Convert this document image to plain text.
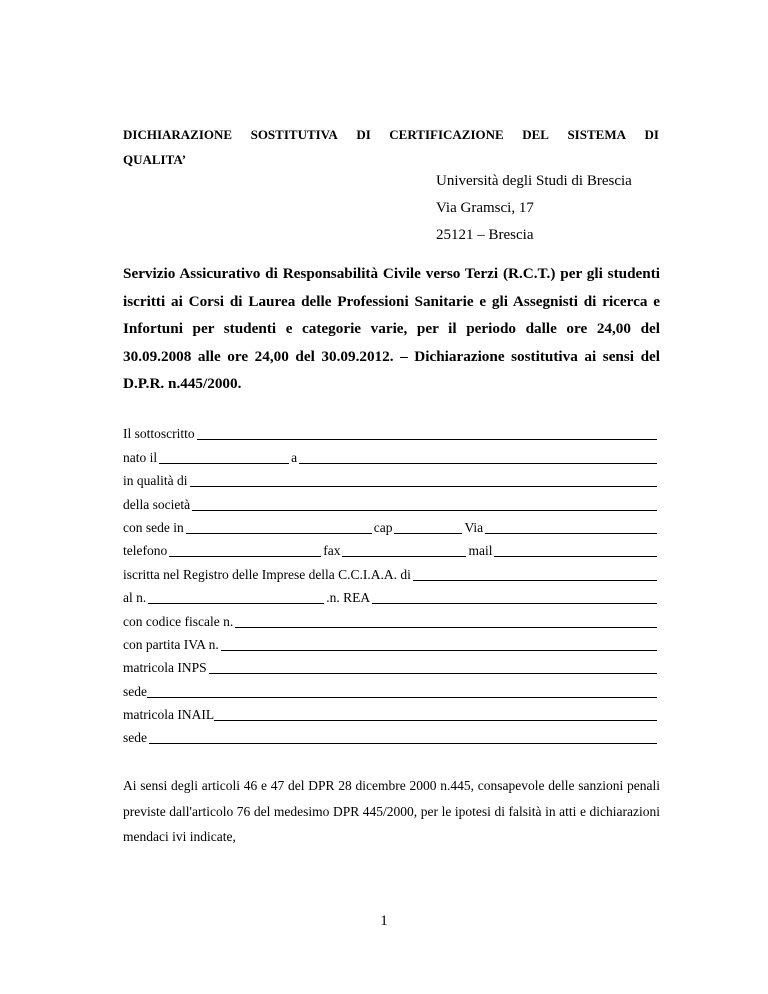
DICHIARAZIONE SOSTITUTIVA DI CERTIFICAZIONE DEL SISTEMA DI
QUALITA’
Università degli Studi di Brescia
Via Gramsci, 17
25121 – Brescia

Servizio Assicurativo di Responsabilità Civile verso Terzi (R.C.T.) per gli studenti iscritti ai Corsi di Laurea delle Professioni Sanitarie e gli Assegnisti di ricerca e Infortuni per studenti e categorie varie, per il periodo dalle ore 24,00 del 30.09.2008 alle ore 24,00 del 30.09.2012. – Dichiarazione sostitutiva ai sensi del D.P.R. n.445/2000.

Il sottoscritto
nato il	a
in qualità di
della società
con sede in	cap	Via
telefono	fax	mail
iscritta nel Registro delle Imprese della C.C.I.A.A. di
al n.	.n. REA
con codice fiscale n.
con partita IVA n.
matricola INPS
sede
matricola INAIL
sede

Ai sensi degli articoli 46 e 47 del DPR 28 dicembre 2000 n.445, consapevole delle sanzioni penali previste dall'articolo 76 del medesimo DPR 445/2000, per le ipotesi di falsità in atti e dichiarazioni mendaci ivi indicate,

1
